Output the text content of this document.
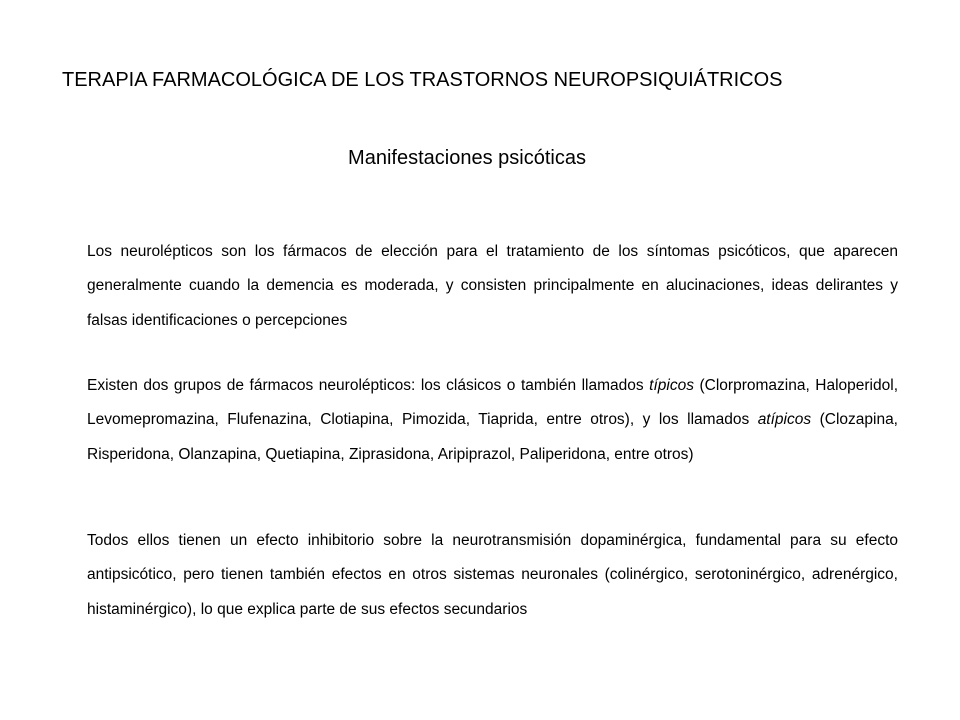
TERAPIA FARMACOLÓGICA DE LOS TRASTORNOS NEUROPSIQUIÁTRICOS
Manifestaciones psicóticas

Los neurolépticos son los fármacos de elección para el tratamiento de los síntomas psicóticos, que aparecen generalmente cuando la demencia es moderada, y consisten principalmente en alucinaciones, ideas delirantes y falsas identificaciones o percepciones

Existen dos grupos de fármacos neurolépticos: los clásicos o también llamados típicos (Clorpromazina, Haloperidol, Levomepromazina, Flufenazina, Clotiapina, Pimozida, Tiaprida, entre otros), y los llamados atípicos (Clozapina, Risperidona, Olanzapina, Quetiapina, Ziprasidona, Aripiprazol, Paliperidona, entre otros)

Todos ellos tienen un efecto inhibitorio sobre la neurotransmisión dopaminérgica, fundamental para su efecto antipsicótico, pero tienen también efectos en otros sistemas neuronales (colinérgico, serotoninérgico, adrenérgico, histaminérgico), lo que explica parte de sus efectos secundarios
